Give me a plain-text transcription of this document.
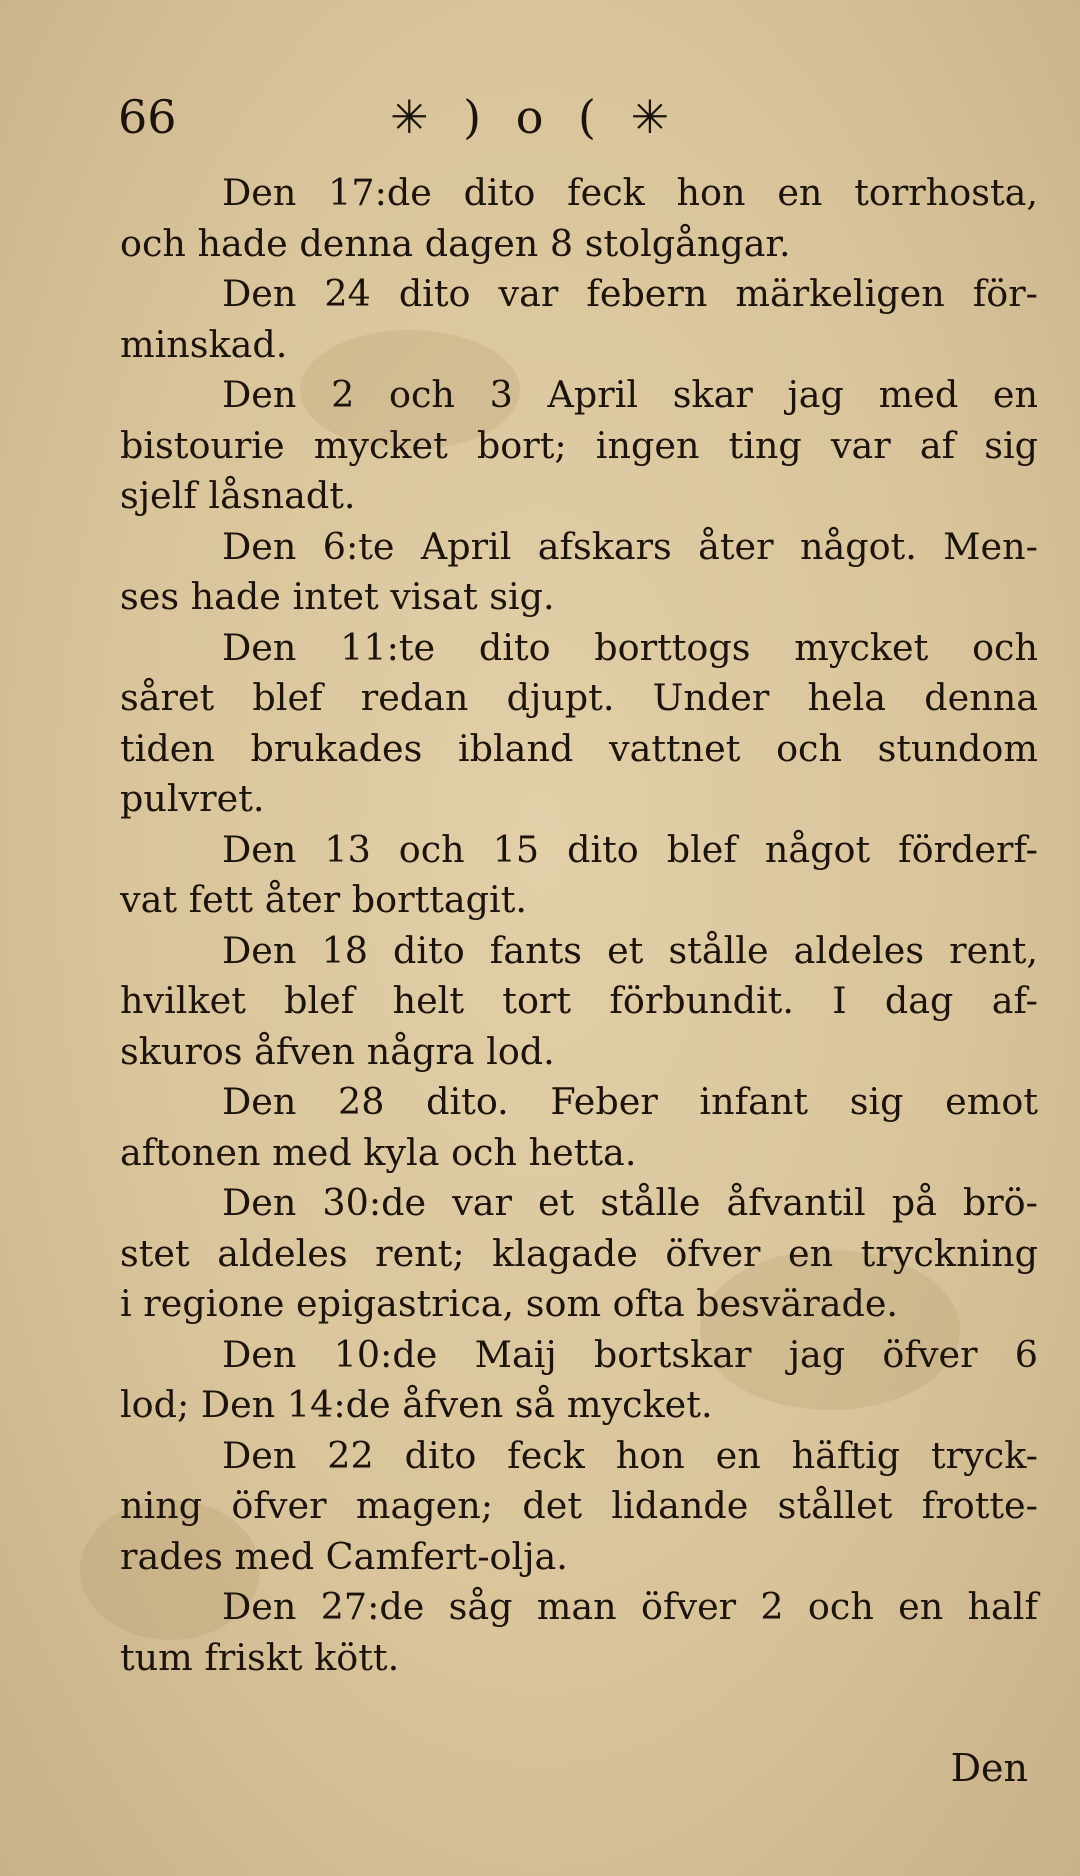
66	✳ ) o ( ✳
Den 17:de dito feck hon en torrhosta,
och hade denna dagen 8 stolgångar.
Den 24 dito var febern märkeligen för-
minskad.
Den 2 och 3 April skar jag med en
bistourie mycket bort; ingen ting var af sig
sjelf låsnadt.
Den 6:te April afskars åter något. Men-
ses hade intet visat sig.
Den 11:te dito borttogs mycket och
såret blef redan djupt. Under hela denna
tiden brukades ibland vattnet och stundom
pulvret.
Den 13 och 15 dito blef något förderf-
vat fett åter borttagit.
Den 18 dito fants et stålle aldeles rent,
hvilket blef helt tort förbundit. I dag af-
skuros åfven några lod.
Den 28 dito. Feber infant sig emot
aftonen med kyla och hetta.
Den 30:de var et stålle åfvantil på brö-
stet aldeles rent; klagade öfver en tryckning
i regione epigastrica, som ofta besvärade.
Den 10:de Maij bortskar jag öfver 6
lod; Den 14:de åfven så mycket.
Den 22 dito feck hon en häftig tryck-
ning öfver magen; det lidande stållet frotte-
rades med Camfert-olja.
Den 27:de såg man öfver 2 och en half
tum friskt kött.
Den
